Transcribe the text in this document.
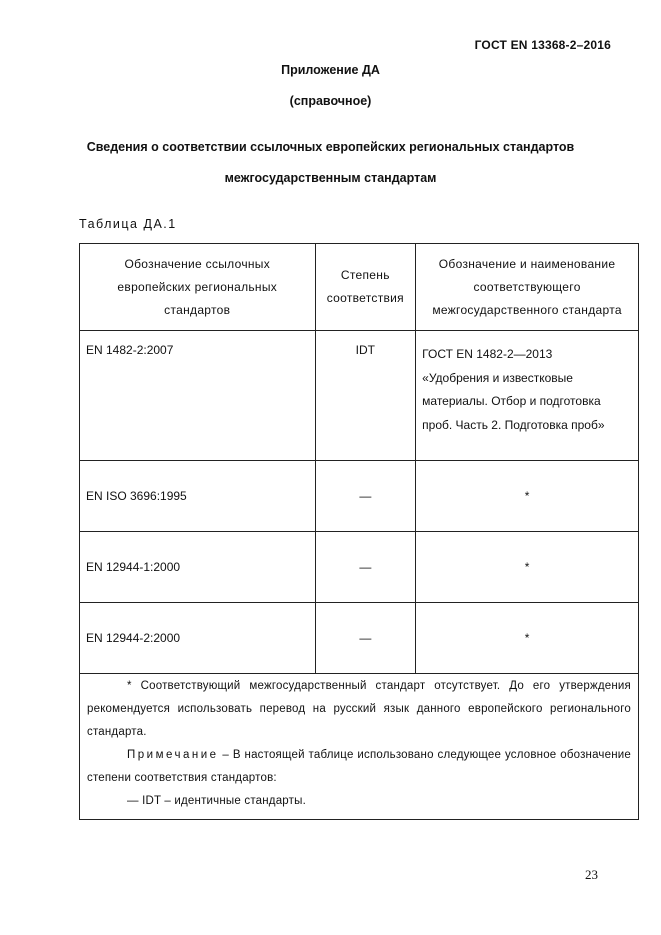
ГОСТ EN 13368-2–2016
Приложение ДА
(справочное)
Сведения о соответствии ссылочных европейских региональных стандартов
межгосударственным стандартам
Таблица ДА.1
Обозначение ссылочных европейских региональных стандартов	Степень соответствия	Обозначение и наименование соответствующего межгосударственного стандарта
EN 1482-2:2007	IDT	ГОСТ EN 1482-2—2013
«Удобрения и известковые материалы. Отбор и подготовка проб. Часть 2. Подготовка проб»

EN ISO 3696:1995	—	*
EN 12944-1:2000	—	*
EN 12944-2:2000	—	*

* Соответствующий межгосударственный стандарт отсутствует. До его утверждения рекомендуется использовать перевод на русский язык данного европейского регионального стандарта.

Примечание – В настоящей таблице использовано следующее условное обозначение степени соответствия стандартов:

— IDT – идентичные стандарты.		

23
